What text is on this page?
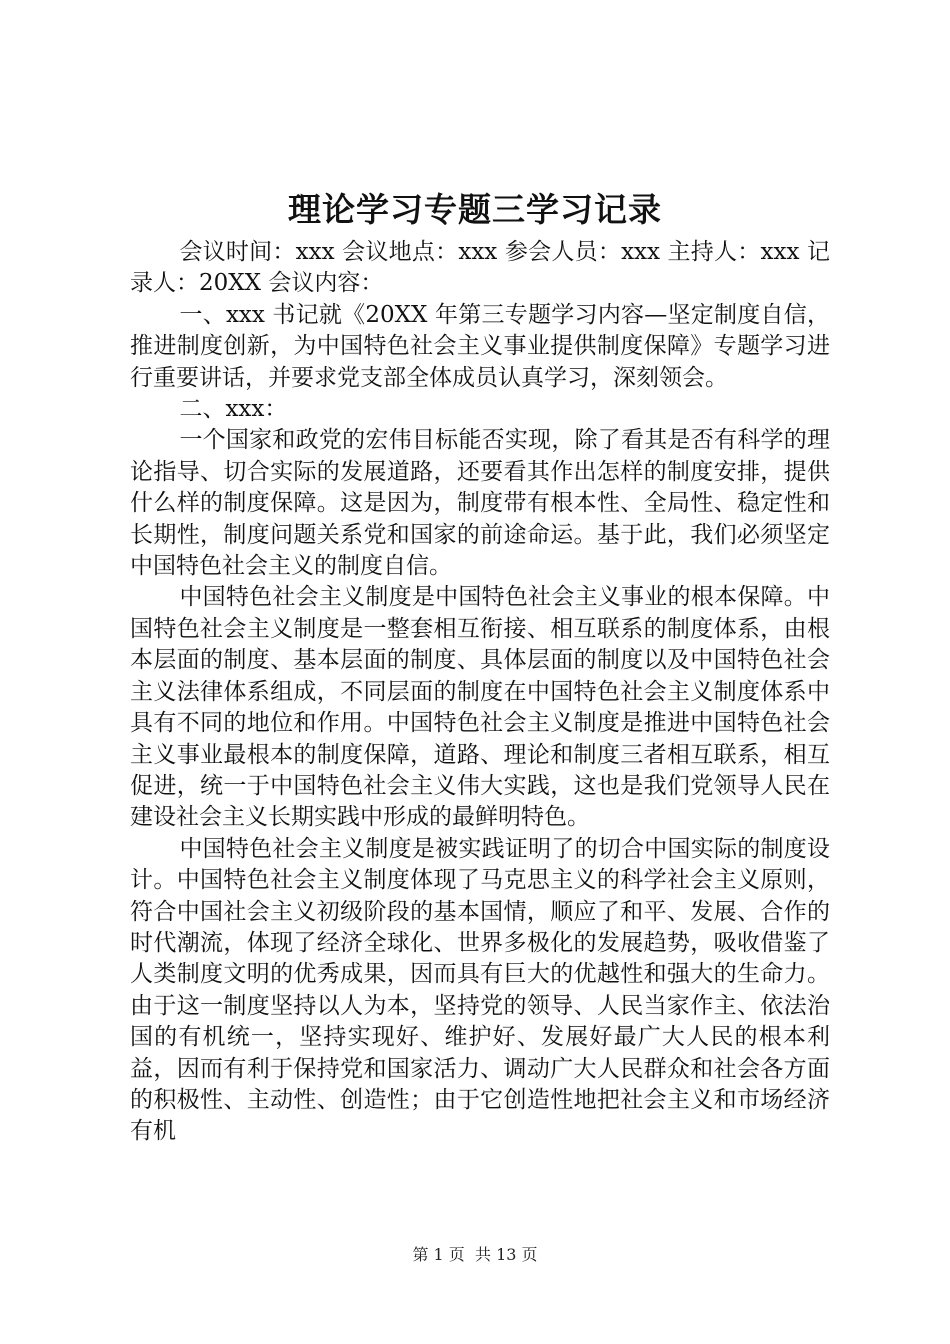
理论学习专题三学习记录

会议时间：xxx 会议地点：xxx 参会人员：xxx 主持人：xxx 记录人：20XX 会议内容：

一、xxx 书记就《20XX 年第三专题学习内容—坚定制度自信，推进制度创新，为中国特色社会主义事业提供制度保障》专题学习进行重要讲话，并要求党支部全体成员认真学习，深刻领会。

二、xxx：

一个国家和政党的宏伟目标能否实现，除了看其是否有科学的理论指导、切合实际的发展道路，还要看其作出怎样的制度安排，提供什么样的制度保障。这是因为，制度带有根本性、全局性、稳定性和长期性，制度问题关系党和国家的前途命运。基于此，我们必须坚定中国特色社会主义的制度自信。

中国特色社会主义制度是中国特色社会主义事业的根本保障。中国特色社会主义制度是一整套相互衔接、相互联系的制度体系，由根本层面的制度、基本层面的制度、具体层面的制度以及中国特色社会主义法律体系组成，不同层面的制度在中国特色社会主义制度体系中具有不同的地位和作用。中国特色社会主义制度是推进中国特色社会主义事业最根本的制度保障，道路、理论和制度三者相互联系，相互促进，统一于中国特色社会主义伟大实践，这也是我们党领导人民在建设社会主义长期实践中形成的最鲜明特色。

中国特色社会主义制度是被实践证明了的切合中国实际的制度设计。中国特色社会主义制度体现了马克思主义的科学社会主义原则，符合中国社会主义初级阶段的基本国情，顺应了和平、发展、合作的时代潮流，体现了经济全球化、世界多极化的发展趋势，吸收借鉴了人类制度文明的优秀成果，因而具有巨大的优越性和强大的生命力。由于这一制度坚持以人为本，坚持党的领导、人民当家作主、依法治国的有机统一，坚持实现好、维护好、发展好最广大人民的根本利益，因而有利于保持党和国家活力、调动广大人民群众和社会各方面的积极性、主动性、创造性；由于它创造性地把社会主义和市场经济有机

第 1 页 共 13 页
